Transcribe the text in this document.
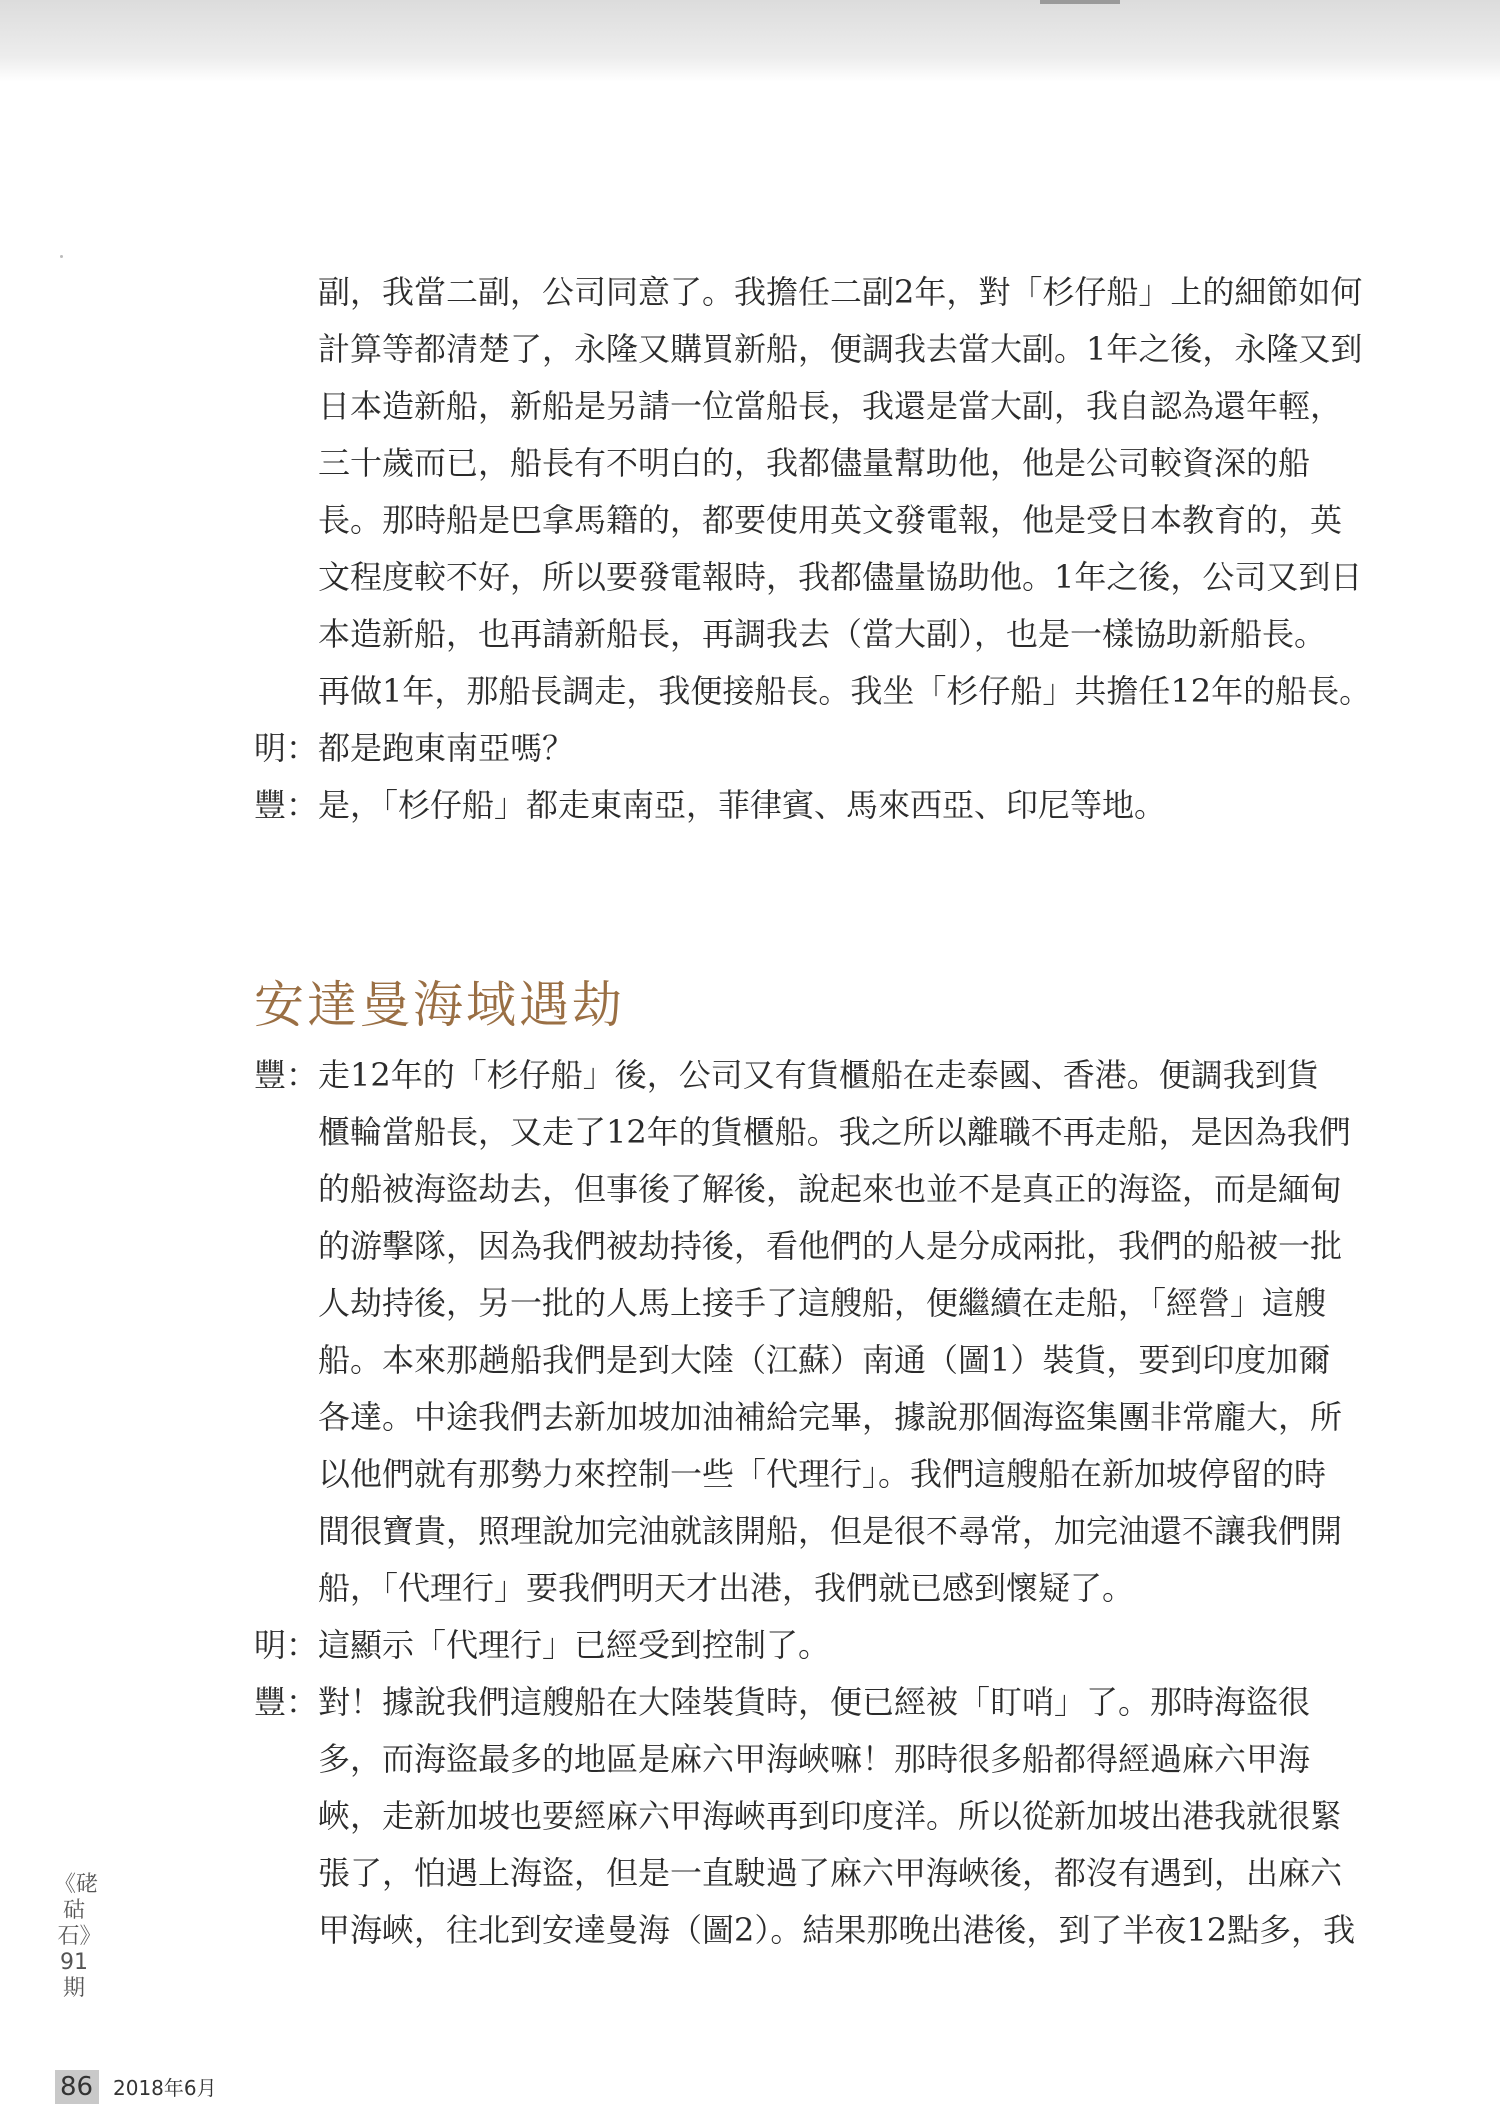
副，我當二副，公司同意了。我擔任二副2年，對「杉仔船」上的細節如何
計算等都清楚了，永隆又購買新船，便調我去當大副。1年之後，永隆又到
日本造新船，新船是另請一位當船長，我還是當大副，我自認為還年輕，
三十歲而已，船長有不明白的，我都儘量幫助他，他是公司較資深的船
長。那時船是巴拿馬籍的，都要使用英文發電報，他是受日本教育的，英
文程度較不好，所以要發電報時，我都儘量協助他。1年之後，公司又到日
本造新船，也再請新船長，再調我去（當大副），也是一樣協助新船長。
再做1年，那船長調走，我便接船長。我坐「杉仔船」共擔任12年的船長。
明： 都是跑東南亞嗎？
豐： 是，「杉仔船」都走東南亞，菲律賓、馬來西亞、印尼等地。
安達曼海域遇劫
豐： 走12年的「杉仔船」後，公司又有貨櫃船在走泰國、香港。便調我到貨
櫃輪當船長，又走了12年的貨櫃船。我之所以離職不再走船，是因為我們
的船被海盜劫去，但事後了解後，說起來也並不是真正的海盜，而是緬甸
的游擊隊，因為我們被劫持後，看他們的人是分成兩批，我們的船被一批
人劫持後，另一批的人馬上接手了這艘船，便繼續在走船，「經營」這艘
船。本來那趟船我們是到大陸（江蘇）南通（圖1）裝貨，要到印度加爾
各達。中途我們去新加坡加油補給完畢，據說那個海盜集團非常龐大，所
以他們就有那勢力來控制一些「代理行」。我們這艘船在新加坡停留的時
間很寶貴，照理說加完油就該開船，但是很不尋常，加完油還不讓我們開
船，「代理行」要我們明天才出港，我們就已感到懷疑了。
明： 這顯示「代理行」已經受到控制了。
豐： 對！據說我們這艘船在大陸裝貨時，便已經被「盯哨」了。那時海盜很
多，而海盜最多的地區是麻六甲海峽嘛！那時很多船都得經過麻六甲海
峽，走新加坡也要經麻六甲海峽再到印度洋。所以從新加坡出港我就很緊
張了，怕遇上海盜，但是一直駛過了麻六甲海峽後，都沒有遇到，出麻六
甲海峽，往北到安達曼海（圖2）。結果那晚出港後，到了半夜12點多，我
《硓𥑮石》91期
86 2018年6月
